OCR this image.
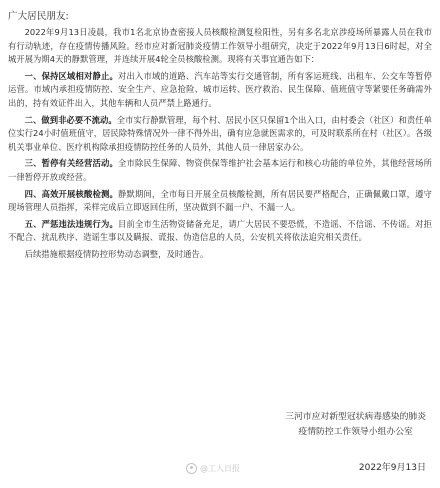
广大居民朋友:

2022年9月13日凌晨，我市1名北京协查密接人员核酸检测复检阳性，另有多名北京涉疫场所暴露人员在我市有行动轨迹，存在疫情传播风险。经市应对新冠肺炎疫情工作领导小组研究，决定于2022年9月13日6时起，对全城开展为期4天的静默管理，并连续开展4轮全员核酸检测。现将有关事宜通告如下：

一、保持区域相对静止。对出入市域的道路、汽车站等实行交通管制，所有客运班线、出租车、公交车等暂停运营。市域内承担疫情防控、安全生产、应急抢险、城市运转、医疗救治、民生保障、值班值守等紧要任务确需外出的，持有效证件出入，其他车辆和人员严禁上路通行。

二、做到非必要不流动。全市实行静默管理，每个村、居民小区只保留1个出入口，由村委会（社区）和责任单位实行24小时值班值守，居民除特殊情况外一律不得外出，确有应急就医需求的，可及时联系所在村（社区）。各级机关事业单位、医疗机构除承担疫情防控任务的人员外，其他人员一律居家办公。

三、暂停有关经营活动。全市除民生保障、物资供保等维护社会基本运行和核心功能的单位外，其他经营场所一律暂停开放或经营。

四、高效开展核酸检测。静默期间，全市每日开展全员核酸检测，所有居民要严格配合，正确佩戴口罩，遵守现场管理人员指挥，采样完成后立即返回住所，坚决做到不漏一户、不漏一人。

五、严惩违法违规行为。目前全市生活物资储备充足，请广大居民不要恐慌，不造谣、不信谣、不传谣。对拒不配合、扰乱秩序、造谣生事以及瞒报、谎报、伪造信息的人员，公安机关将依法追究相关责任。

后续措施根据疫情防控形势动态调整，及时通告。

三河市应对新型冠状病毒感染的肺炎
疫情防控工作领导小组办公室
@工人日报	2022年9月13日
